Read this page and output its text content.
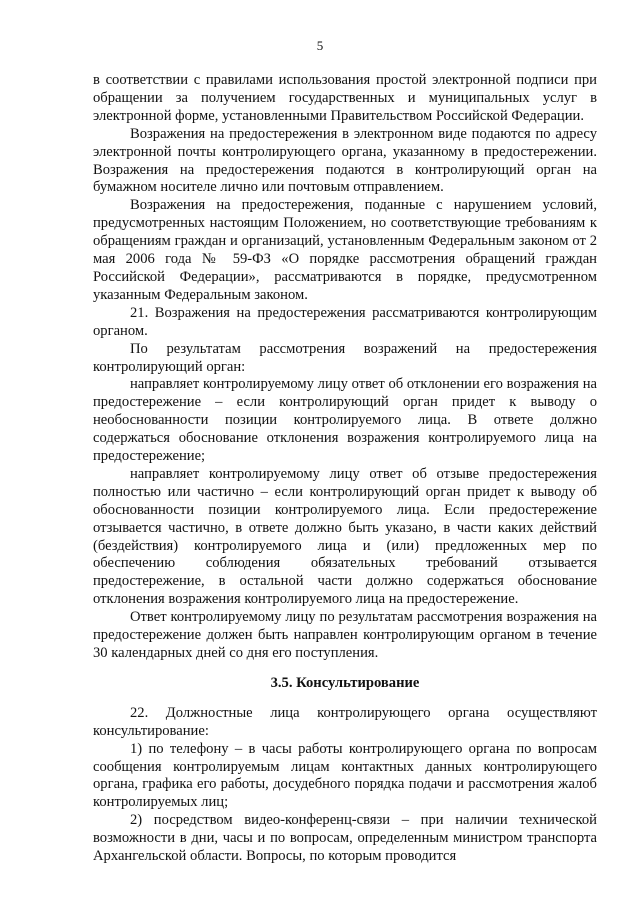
5

в соответствии с правилами использования простой электронной подписи при обращении за получением государственных и муниципальных услуг в электронной форме, установленными Правительством Российской Федерации.

Возражения на предостережения в электронном виде подаются по адресу электронной почты контролирующего органа, указанному в предостережении. Возражения на предостережения подаются в контролирующий орган на бумажном носителе лично или почтовым отправлением.

Возражения на предостережения, поданные с нарушением условий, предусмотренных настоящим Положением, но соответствующие требованиям к обращениям граждан и организаций, установленным Федеральным законом от 2 мая 2006 года № 59-ФЗ «О порядке рассмотрения обращений граждан Российской Федерации», рассматриваются в порядке, предусмотренном указанным Федеральным законом.

21. Возражения на предостережения рассматриваются контролирующим органом.

По результатам рассмотрения возражений на предостережения контролирующий орган:

направляет контролируемому лицу ответ об отклонении его возражения на предостережение – если контролирующий орган придет к выводу о необоснованности позиции контролируемого лица. В ответе должно содержаться обоснование отклонения возражения контролируемого лица на предостережение;

направляет контролируемому лицу ответ об отзыве предостережения полностью или частично – если контролирующий орган придет к выводу об обоснованности позиции контролируемого лица. Если предостережение отзывается частично, в ответе должно быть указано, в части каких действий (бездействия) контролируемого лица и (или) предложенных мер по обеспечению соблюдения обязательных требований отзывается предостережение, в остальной части должно содержаться обоснование отклонения возражения контролируемого лица на предостережение.

Ответ контролируемому лицу по результатам рассмотрения возражения на предостережение должен быть направлен контролирующим органом в течение 30 календарных дней со дня его поступления.

3.5. Консультирование

22. Должностные лица контролирующего органа осуществляют консультирование:

1) по телефону – в часы работы контролирующего органа по вопросам сообщения контролируемым лицам контактных данных контролирующего органа, графика его работы, досудебного порядка подачи и рассмотрения жалоб контролируемых лиц;

2) посредством видео-конференц-связи – при наличии технической возможности в дни, часы и по вопросам, определенным министром транспорта Архангельской области. Вопросы, по которым проводится
